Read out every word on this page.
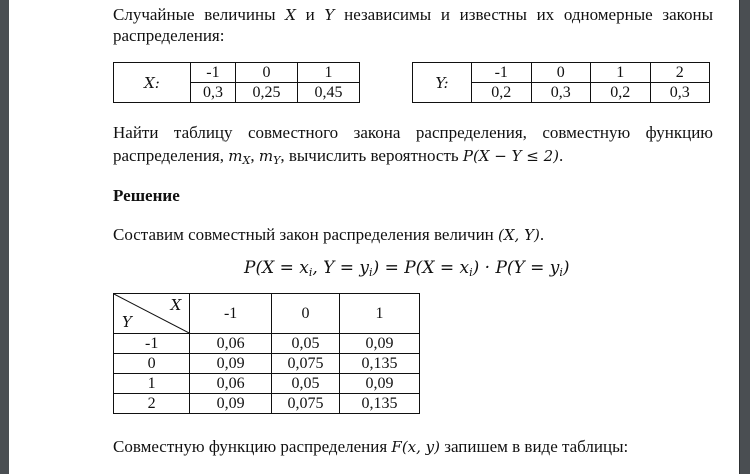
Случайные величины X и Y независимы и известны их одномерные законы
распределения:
X:	-1	0	1
	0,3	0,25	0,45
Y:	-1	0	1	2
	0,2	0,3	0,2	0,3
Найти таблицу совместного закона распределения, совместную функцию
распределения, $m_X$, $m_Y$, вычислить вероятность P(X − Y ≤ 2).
Решение
Составим совместный закон распределения величин (X, Y).
$P(X = x_i$, $Y = y_i) = P(X = x_i) \cdot P(Y = y_i)$
X
Y	-1	0	1
-1	0,06	0,05	0,09
0	0,09	0,075	0,135
1	0,06	0,05	0,09
2	0,09	0,075	0,135
Совместную функцию распределения F(x, y) запишем в виде таблицы:
